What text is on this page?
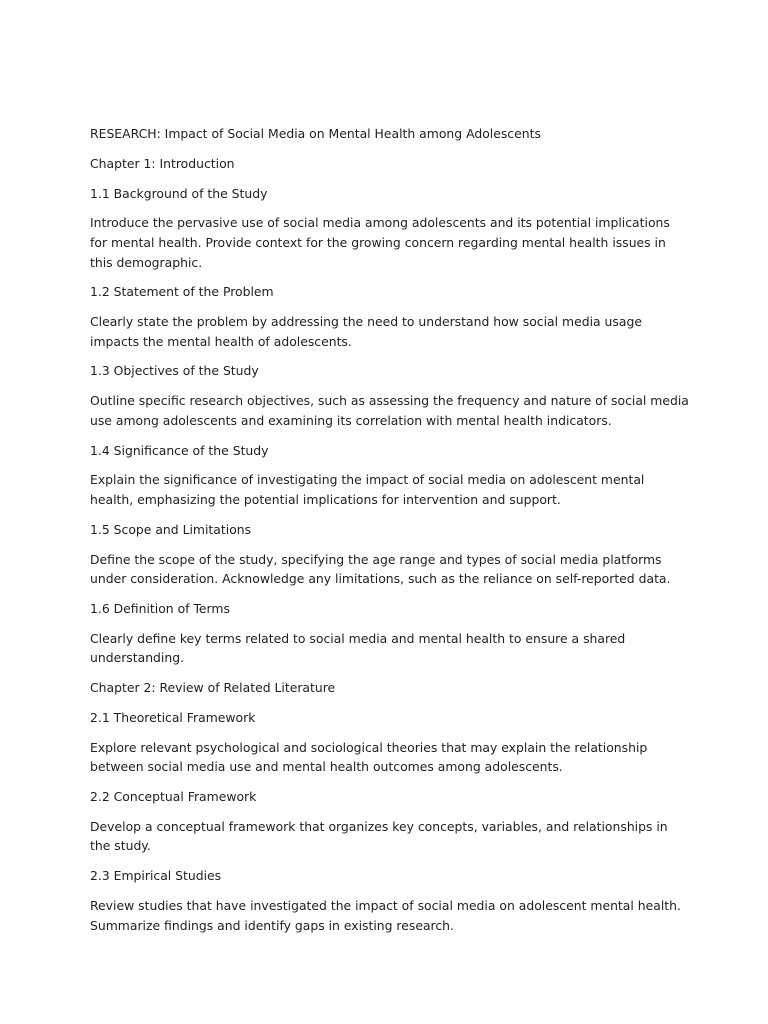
RESEARCH: Impact of Social Media on Mental Health among Adolescents

Chapter 1: Introduction

1.1 Background of the Study

Introduce the pervasive use of social media among adolescents and its potential implications for mental health. Provide context for the growing concern regarding mental health issues in this demographic.

1.2 Statement of the Problem

Clearly state the problem by addressing the need to understand how social media usage impacts the mental health of adolescents.

1.3 Objectives of the Study

Outline specific research objectives, such as assessing the frequency and nature of social media use among adolescents and examining its correlation with mental health indicators.

1.4 Significance of the Study

Explain the significance of investigating the impact of social media on adolescent mental health, emphasizing the potential implications for intervention and support.

1.5 Scope and Limitations

Define the scope of the study, specifying the age range and types of social media platforms under consideration. Acknowledge any limitations, such as the reliance on self-reported data.

1.6 Definition of Terms

Clearly define key terms related to social media and mental health to ensure a shared understanding.

Chapter 2: Review of Related Literature

2.1 Theoretical Framework

Explore relevant psychological and sociological theories that may explain the relationship between social media use and mental health outcomes among adolescents.

2.2 Conceptual Framework

Develop a conceptual framework that organizes key concepts, variables, and relationships in the study.

2.3 Empirical Studies

Review studies that have investigated the impact of social media on adolescent mental health. Summarize findings and identify gaps in existing research.
